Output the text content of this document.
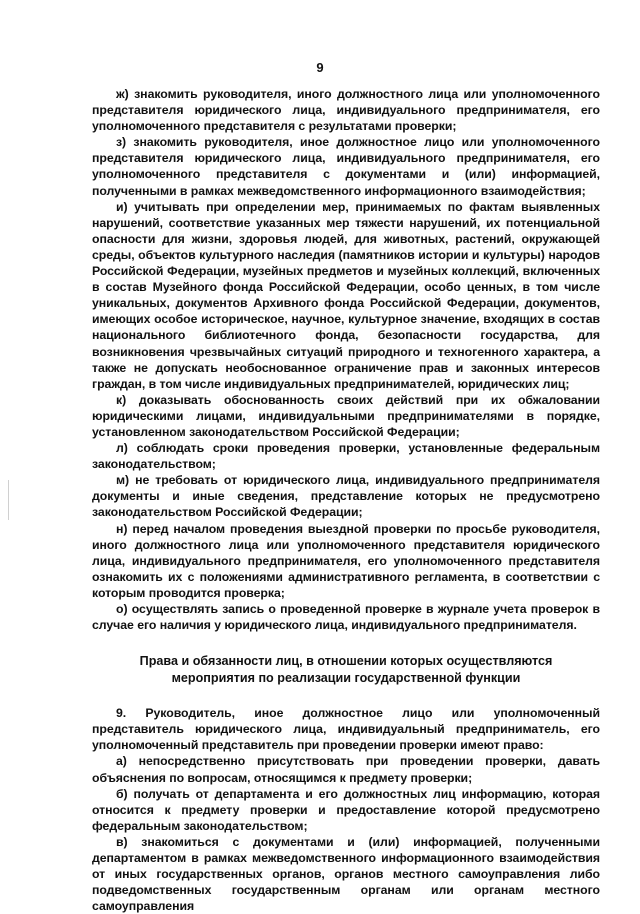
9

ж) знакомить руководителя, иного должностного лица или уполномоченного представителя юридического лица, индивидуального предпринимателя, его уполномоченного представителя с результатами проверки;

з) знакомить руководителя, иное должностное лицо или уполномоченного представителя юридического лица, индивидуального предпринимателя, его уполномоченного представителя с документами и (или) информацией, полученными в рамках межведомственного информационного взаимодействия;

и) учитывать при определении мер, принимаемых по фактам выявленных нарушений, соответствие указанных мер тяжести нарушений, их потенциальной опасности для жизни, здоровья людей, для животных, растений, окружающей среды, объектов культурного наследия (памятников истории и культуры) народов Российской Федерации, музейных предметов и музейных коллекций, включенных в состав Музейного фонда Российской Федерации, особо ценных, в том числе уникальных, документов Архивного фонда Российской Федерации, документов, имеющих особое историческое, научное, культурное значение, входящих в состав национального библиотечного фонда, безопасности государства, для возникновения чрезвычайных ситуаций природного и техногенного характера, а также не допускать необоснованное ограничение прав и законных интересов граждан, в том числе индивидуальных предпринимателей, юридических лиц;

к) доказывать обоснованность своих действий при их обжаловании юридическими лицами, индивидуальными предпринимателями в порядке, установленном законодательством Российской Федерации;

л) соблюдать сроки проведения проверки, установленные федеральным законодательством;

м) не требовать от юридического лица, индивидуального предпринимателя документы и иные сведения, представление которых не предусмотрено законодательством Российской Федерации;

н) перед началом проведения выездной проверки по просьбе руководителя, иного должностного лица или уполномоченного представителя юридического лица, индивидуального предпринимателя, его уполномоченного представителя ознакомить их с положениями административного регламента, в соответствии с которым проводится проверка;

о) осуществлять запись о проведенной проверке в журнале учета проверок в случае его наличия у юридического лица, индивидуального предпринимателя.

Права и обязанности лиц, в отношении которых осуществляются
мероприятия по реализации государственной функции

9. Руководитель, иное должностное лицо или уполномоченный представитель юридического лица, индивидуальный предприниматель, его уполномоченный представитель при проведении проверки имеют право:

а) непосредственно присутствовать при проведении проверки, давать объяснения по вопросам, относящимся к предмету проверки;

б) получать от департамента и его должностных лиц информацию, которая относится к предмету проверки и предоставление которой предусмотрено федеральным законодательством;

в) знакомиться с документами и (или) информацией, полученными департаментом в рамках межведомственного информационного взаимодействия от иных государственных органов, органов местного самоуправления либо подведомственных государственным органам или органам местного самоуправления
